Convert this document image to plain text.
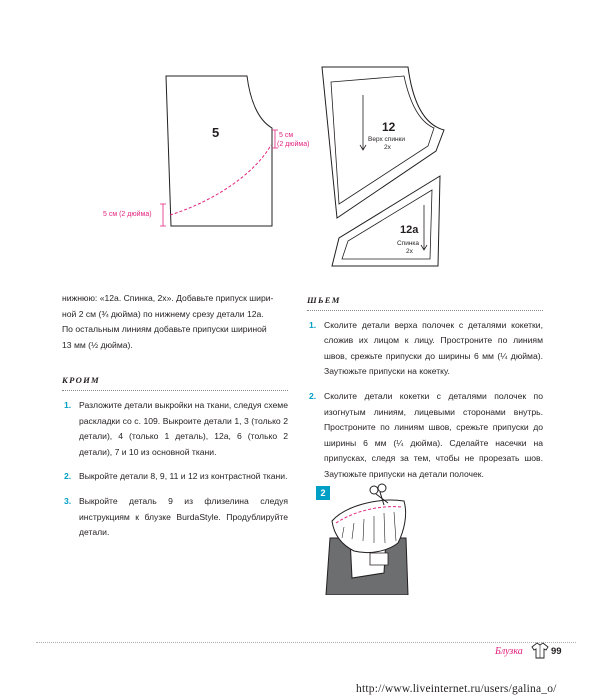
5	5 см
(2 дюйма)
5 см (2 дюйма)
12
Верх спинки
2х
12a
Спинка
2х
нижнюю: «12a. Спинка, 2х». Добавьте припуск шири-
ной 2 см (¾ дюйма) по нижнему срезу детали 12a.
По остальным линиям добавьте припуски шириной
13 мм (½ дюйма).
КРОИМ
1. Разложите детали выкройки на ткани, следуя схеме раскладки со с. 109. Выкроите детали 1, 3 (только 2 детали), 4 (только 1 деталь), 12а, 6 (только 2 детали), 7 и 10 из основной ткани.
2. Выкройте детали 8, 9, 11 и 12 из контрастной ткани.
3. Выкройте деталь 9 из флизелина следуя инструкциям к блузке BurdaStyle. Продублируйте детали.
ШЬЕМ
1. Сколите детали верха полочек с деталями кокетки, сложив их лицом к лицу. Простроните по линиям швов, срежьте припуски до ширины 6 мм (¼ дюйма). Заутюжьте припуски на кокетку.
2. Сколите детали кокетки с деталями полочек по изогнутым линиям, лицевыми сторонами внутрь. Простроните по линиям швов, срежьте припуски до ширины 6 мм (¼ дюйма). Сделайте насечки на припусках, следя за тем, чтобы не прорезать шов. Заутюжьте припуски на детали полочек.
2
Блузка	99
http://www.liveinternet.ru/users/galina_o/
